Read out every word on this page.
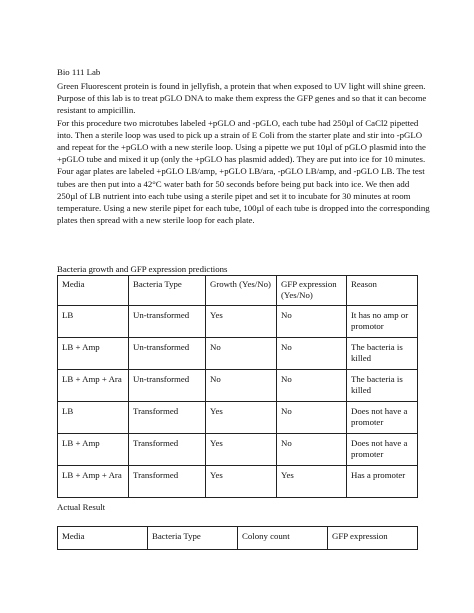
Bio 111 Lab

Green Fluorescent protein is found in jellyfish, a protein that when exposed to UV light will shine green. Purpose of this lab is to treat pGLO DNA to make them express the GFP genes and so that it can become resistant to ampicillin.

For this procedure two microtubes labeled +pGLO and -pGLO, each tube had 250µl of CaCl2 pipetted into. Then a sterile loop was used to pick up a strain of E Coli from the starter plate and stir into -pGLO and repeat for the +pGLO with a new sterile loop. Using a pipette we put 10µl of pGLO plasmid into the +pGLO tube and mixed it up (only the +pGLO has plasmid added). They are put into ice for 10 minutes. Four agar plates are labeled +pGLO LB/amp, +pGLO LB/ara, -pGLO LB/amp, and -pGLO LB. The test tubes are then put into a 42°C water bath for 50 seconds before being put back into ice. We then add 250µl of LB nutrient into each tube using a sterile pipet and set it to incubate for 30 minutes at room temperature. Using a new sterile pipet for each tube, 100µl of each tube is dropped into the corresponding plates then spread with a new sterile loop for each plate.

Bacteria growth and GFP expression predictions
Media	Bacteria Type	Growth (Yes/No)	GFP expression (Yes/No)	Reason
LB	Un-transformed	Yes	No	It has no amp or promotor
LB + Amp	Un-transformed	No	No	The bacteria is killed
LB + Amp + Ara	Un-transformed	No	No	The bacteria is killed
LB	Transformed	Yes	No	Does not have a promoter
LB + Amp	Transformed	Yes	No	Does not have a promoter
LB + Amp + Ara	Transformed	Yes	Yes	Has a promoter
Actual Result
Media	Bacteria Type	Colony count	GFP expression
